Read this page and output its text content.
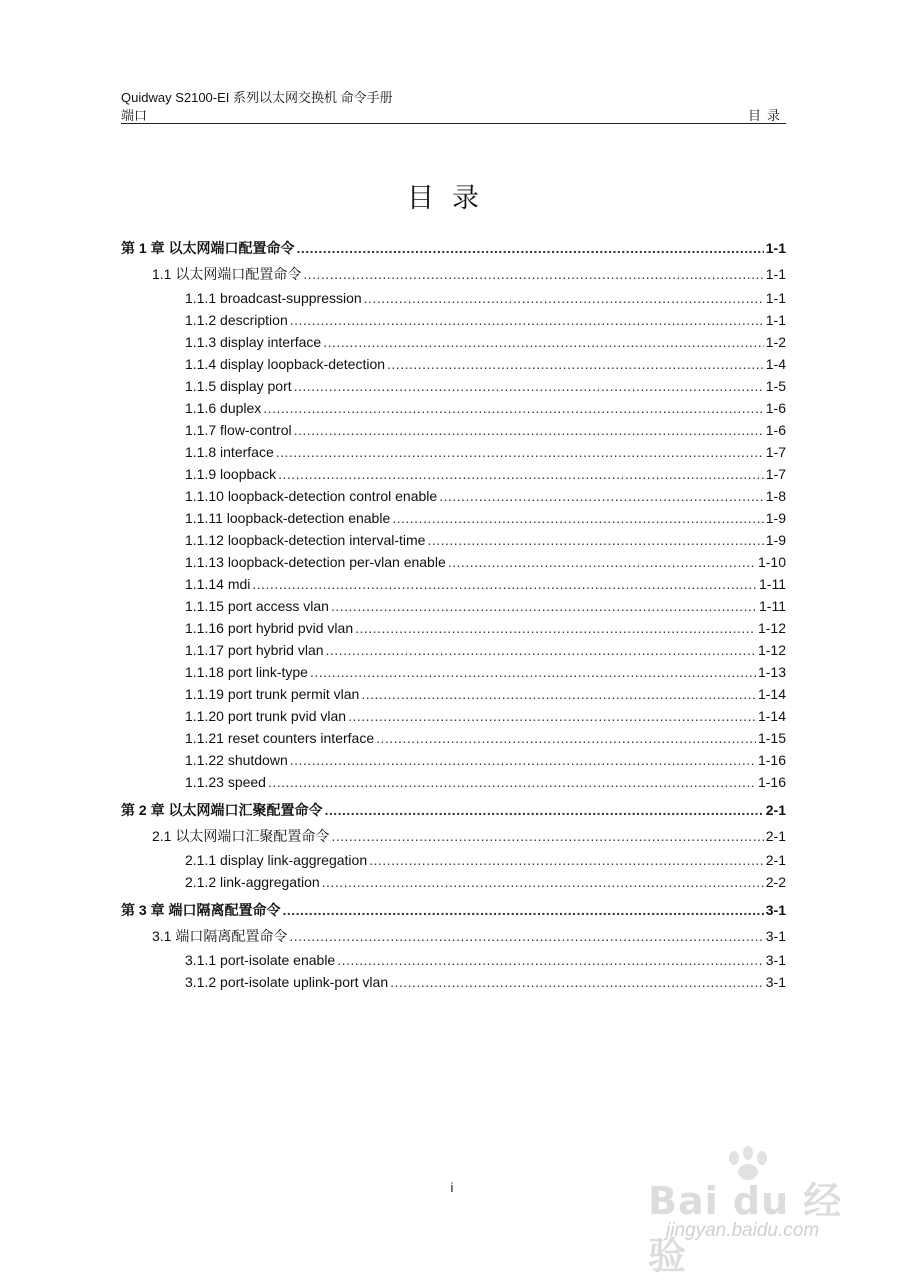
Quidway S2100-EI 系列以太网交换机 命令手册
端口	目录
目录
第 1 章 以太网端口配置命令 .....	1-1
1.1 以太网端口配置命令 .....	1-1
1.1.1 broadcast-suppression .....	1-1
1.1.2 description .....	1-1
1.1.3 display interface .....	1-2
1.1.4 display loopback-detection .....	1-4
1.1.5 display port .....	1-5
1.1.6 duplex .....	1-6
1.1.7 flow-control .....	1-6
1.1.8 interface .....	1-7
1.1.9 loopback .....	1-7
1.1.10 loopback-detection control enable .....	1-8
1.1.11 loopback-detection enable .....	1-9
1.1.12 loopback-detection interval-time .....	1-9
1.1.13 loopback-detection per-vlan enable .....	1-10
1.1.14 mdi .....	1-11
1.1.15 port access vlan .....	1-11
1.1.16 port hybrid pvid vlan .....	1-12
1.1.17 port hybrid vlan .....	1-12
1.1.18 port link-type .....	1-13
1.1.19 port trunk permit vlan .....	1-14
1.1.20 port trunk pvid vlan .....	1-14
1.1.21 reset counters interface .....	1-15
1.1.22 shutdown .....	1-16
1.1.23 speed .....	1-16
第 2 章 以太网端口汇聚配置命令 .....	2-1
2.1 以太网端口汇聚配置命令 .....	2-1
2.1.1 display link-aggregation .....	2-1
2.1.2 link-aggregation .....	2-2
第 3 章 端口隔离配置命令 .....	3-1
3.1 端口隔离配置命令 .....	3-1
3.1.1 port-isolate enable .....	3-1
3.1.2 port-isolate uplink-port vlan .....	3-1
i	Bai du 经验
jingyan.baidu.com
